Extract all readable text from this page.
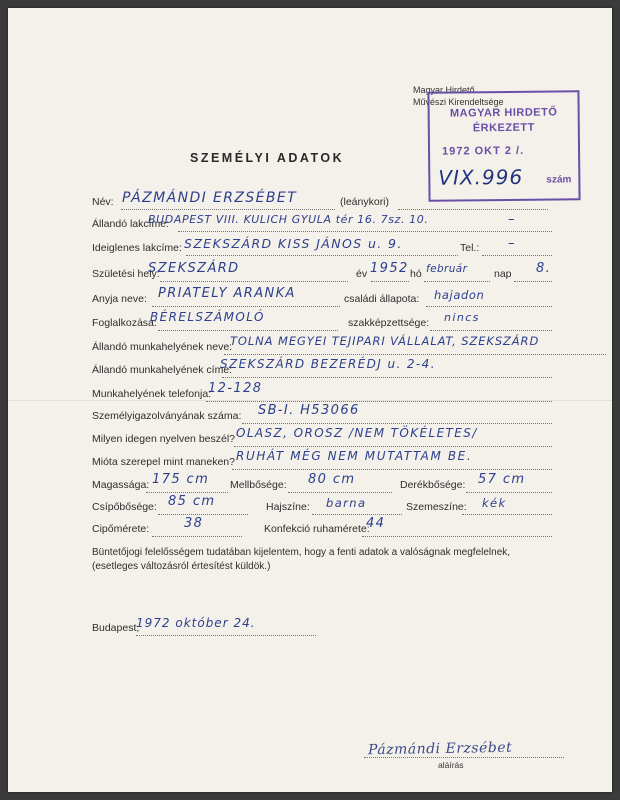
Magyar Hirdető
Művészi Kirendeltsége
MAGYAR HIRDETŐ
ÉRKEZETT
1972 OKT 2 /.
VIX.996 szám
SZEMÉLYI ADATOK
Név: PÁZMÁNDI ERZSÉBET	(leánykori)
Állandó lakcíme:
BUDAPEST VIII. KULICH GYULA tér 16. 7sz. 10.	–
Ideiglenes lakcíme: SZEKSZÁRD KISS JÁNOS u. 9.	Tel.: –
Születési hely:
SZEKSZÁRD	év 1952 hó február	nap 8.
Anyja neve: PRIATELY ARANKA	családi állapota: hajadon
Foglalkozása:
BÉRELSZÁMOLÓ	szakképzettsége: nincs
Állandó munkahelyének neve:
TOLNA MEGYEI TEJIPARI VÁLLALAT, SZEKSZÁRD
Állandó munkahelyének címe:
SZEKSZÁRD BEZERÉDJ u. 2-4.
Munkahelyének telefonja:
12-128

Személyigazolványának száma: SB-I. H53066
Milyen idegen nyelven beszél? OLASZ, OROSZ /NEM TÖKÉLETES/
Mióta szerepel mint maneken? RUHÁT MÉG NEM MUTATTAM BE.
Magassága: 175 cm Mellbősége: 80 cm	Derékbősége: 57 cm
Csípőbősége: 85 cm	Hajszíne: barna	Szemeszíne: kék
Cipőmérete:	38	Konfekció ruhamérete:
44
Büntetőjogi felelősségem tudatában kijelentem, hogy a fenti adatok a valóságnak megfelelnek,
(esetleges változásról értesítést küldök.)
Budapest,
1972 október 24.
Pázmándi Erzsébet
aláírás
